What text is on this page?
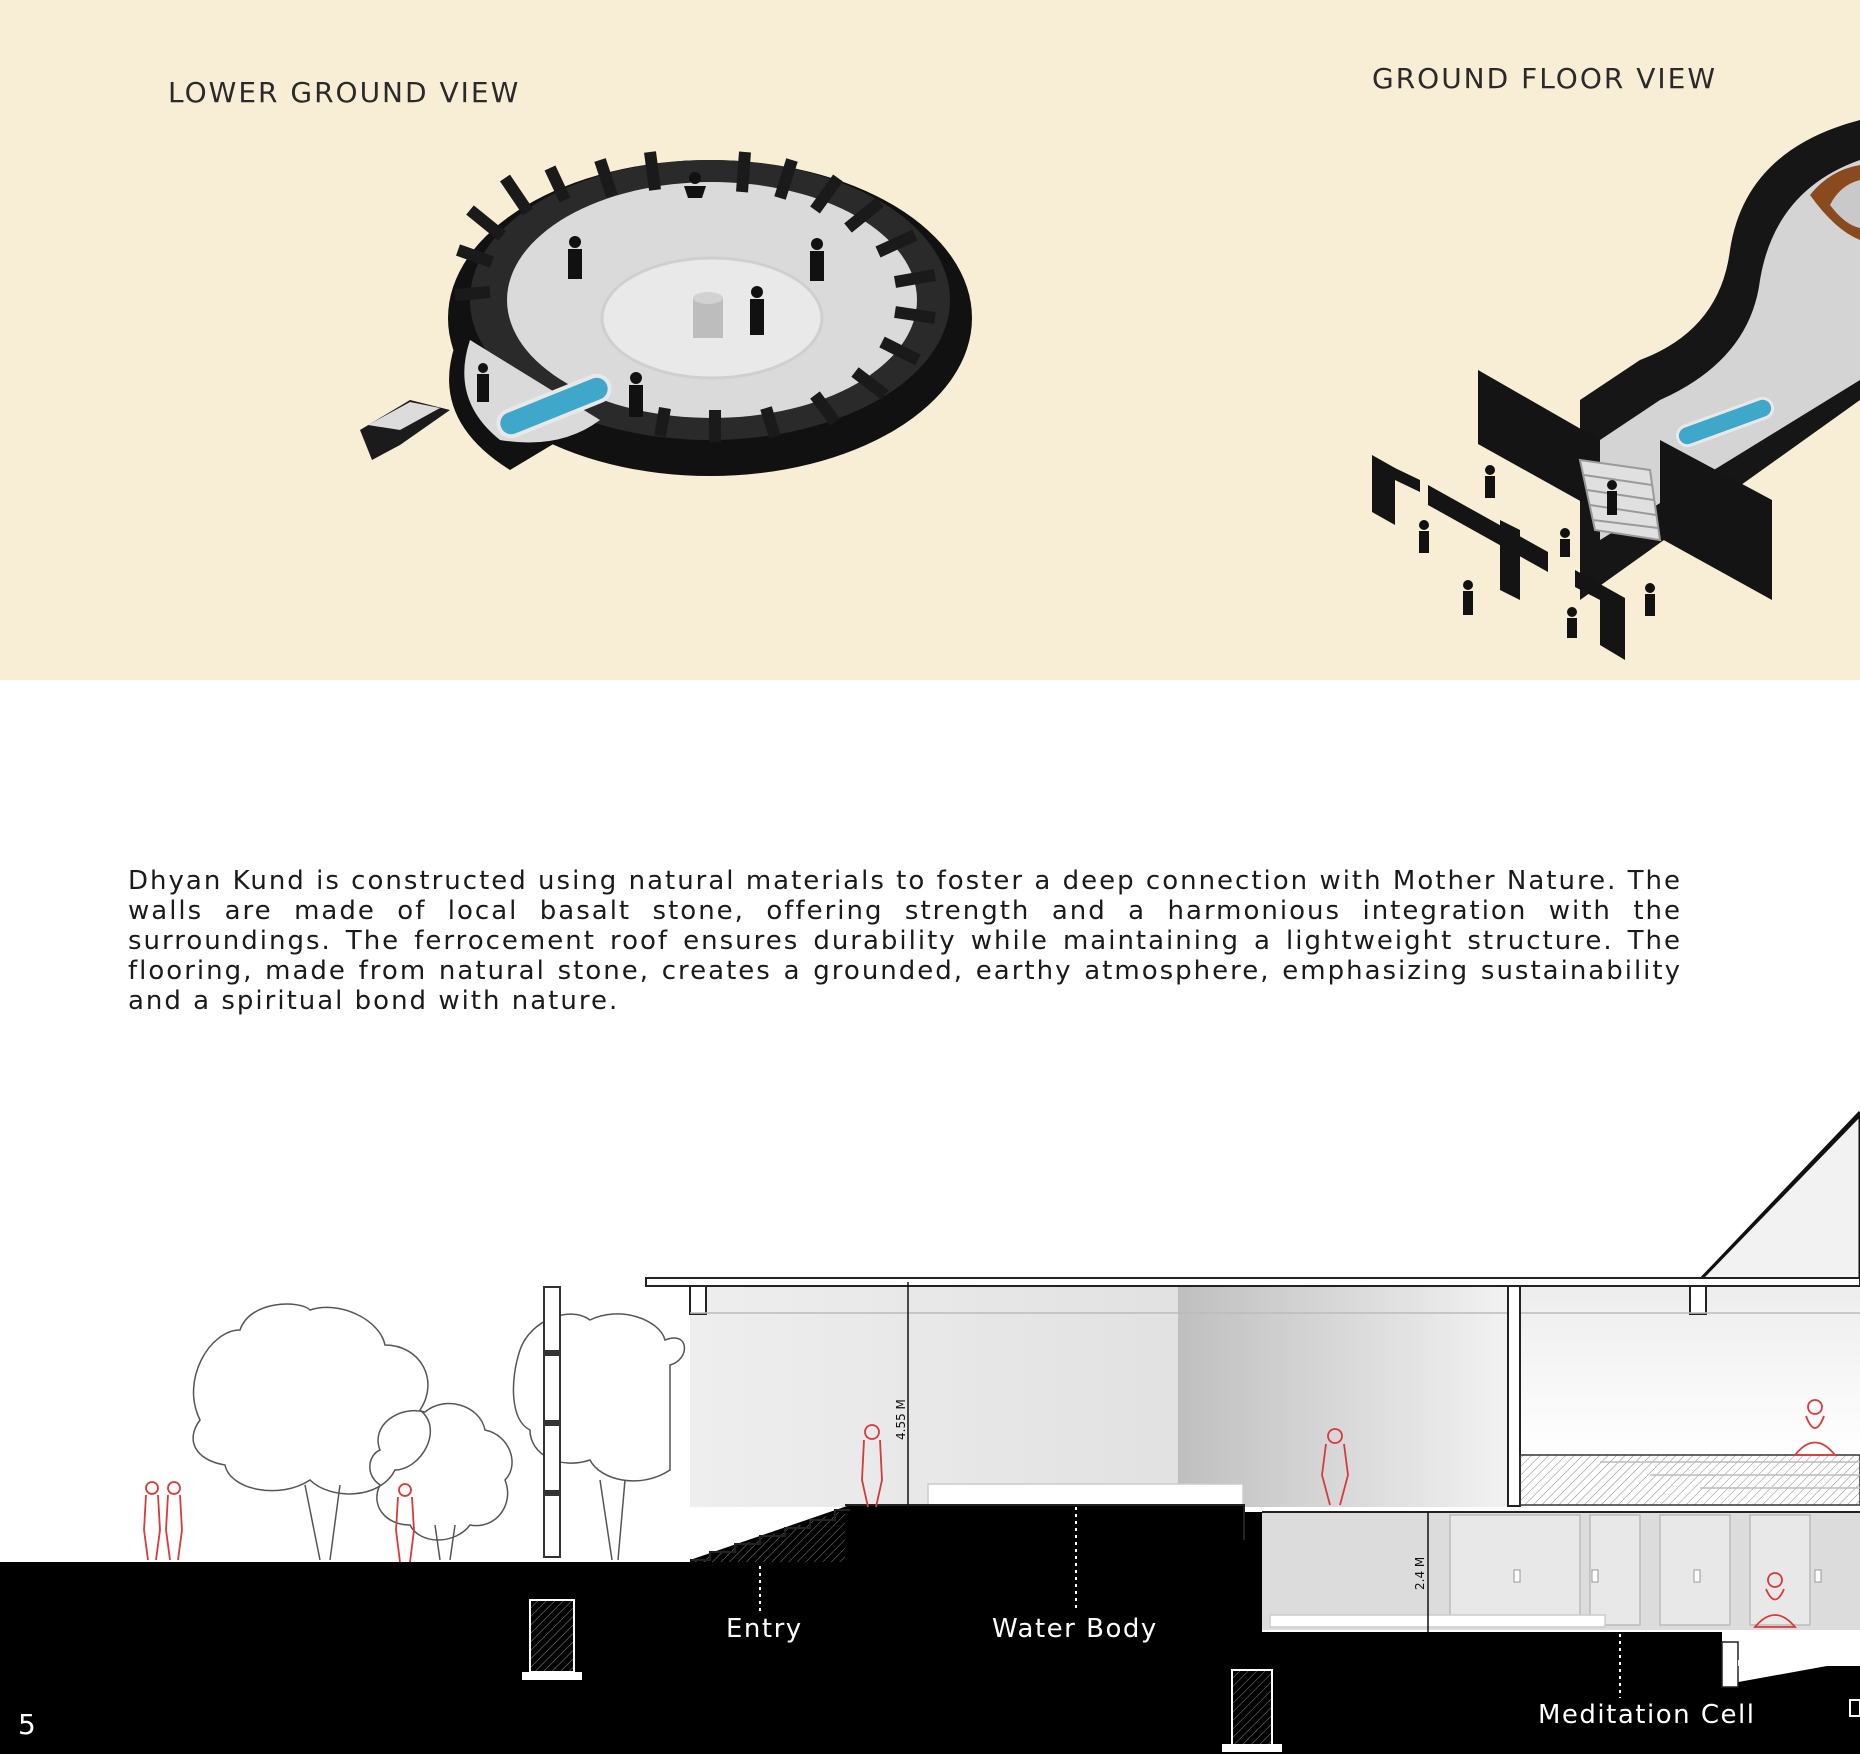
LOWER GROUND VIEW	GROUND FLOOR VIEW
4.55 M
2.4 M

Dhyan Kund is constructed using natural materials to foster a deep connection with Mother Nature. The walls are made of local basalt stone, offering strength and a harmonious integration with the surroundings. The ferrocement roof ensures durability while maintaining a lightweight structure. The flooring, made from natural stone, creates a grounded, earthy atmosphere, emphasizing sustainability and a spiritual bond with nature.

Entry	Water Body
Meditation Cell
5
